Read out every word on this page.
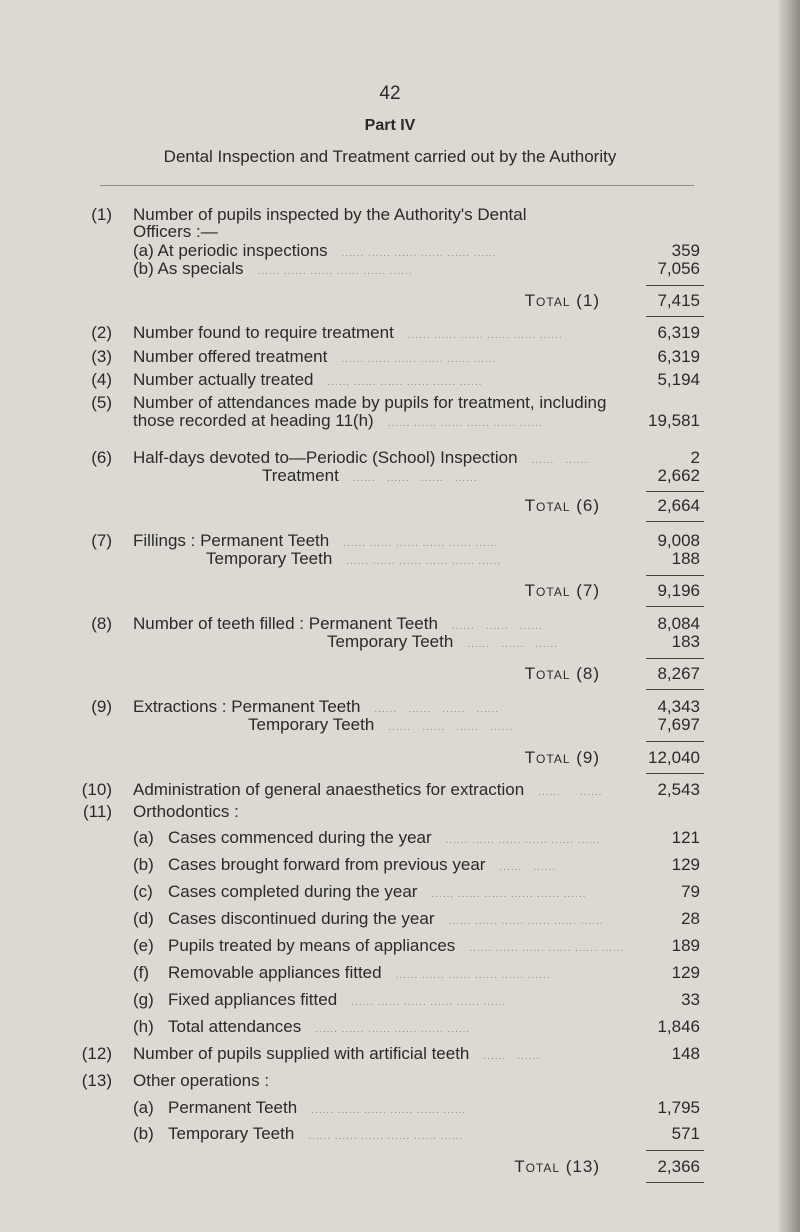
42
Part IV
Dental Inspection and Treatment carried out by the Authority
(1) Number of pupils inspected by the Authority's Dental
Officers :—
(a) At periodic inspections ...... ...... ...... ...... ...... ......	359
(b) As specials ...... ...... ...... ...... ...... ......	7,056
Total (1)	7,415
(2) Number found to require treatment ...... ...... ...... ...... ...... ......	6,319
(3) Number offered treatment ...... ...... ...... ...... ...... ......	6,319
(4) Number actually treated ...... ...... ...... ...... ...... ......	5,194
(5) Number of attendances made by pupils for treatment, including
those recorded at heading 11(h) ...... ...... ...... ...... ...... ......	19,581
(6) Half-days devoted to—Periodic (School) Inspection ......   ......	2
Treatment ......   ......   ......   ......	2,662
Total (6)	2,664
(7) Fillings : Permanent Teeth ...... ...... ...... ...... ...... ......	9,008
Temporary Teeth ...... ...... ...... ...... ...... ......	188
Total (7)	9,196
(8) Number of teeth filled : Permanent Teeth ......   ......   ......	8,084
Temporary Teeth ......   ......   ......	183
Total (8)	8,267
(9) Extractions : Permanent Teeth ......   ......   ......   ......	4,343
Temporary Teeth ......   ......   ......   ......	7,697
Total (9)	12,040
(10) Administration of general anaesthetics for extraction ......     ......	2,543
(11) Orthodontics :
(a) Cases commenced during the year ...... ...... ...... ...... ...... ......	121
(b) Cases brought forward from previous year ......   ......	129
(c) Cases completed during the year ...... ...... ...... ...... ...... ......	79
(d) Cases discontinued during the year ...... ...... ...... ...... ...... ......	28
(e) Pupils treated by means of appliances ...... ...... ...... ...... ...... ......	189
(f) Removable appliances fitted ...... ...... ...... ...... ...... ......	129
(g) Fixed appliances fitted ...... ...... ...... ...... ...... ......	33
(h) Total attendances ...... ...... ...... ...... ...... ......	1,846
(12) Number of pupils supplied with artificial teeth ......   ......	148
(13) Other operations :
(a) Permanent Teeth ...... ...... ...... ...... ...... ......	1,795
(b) Temporary Teeth ...... ...... ...... ...... ...... ......	571
Total (13)	2,366
